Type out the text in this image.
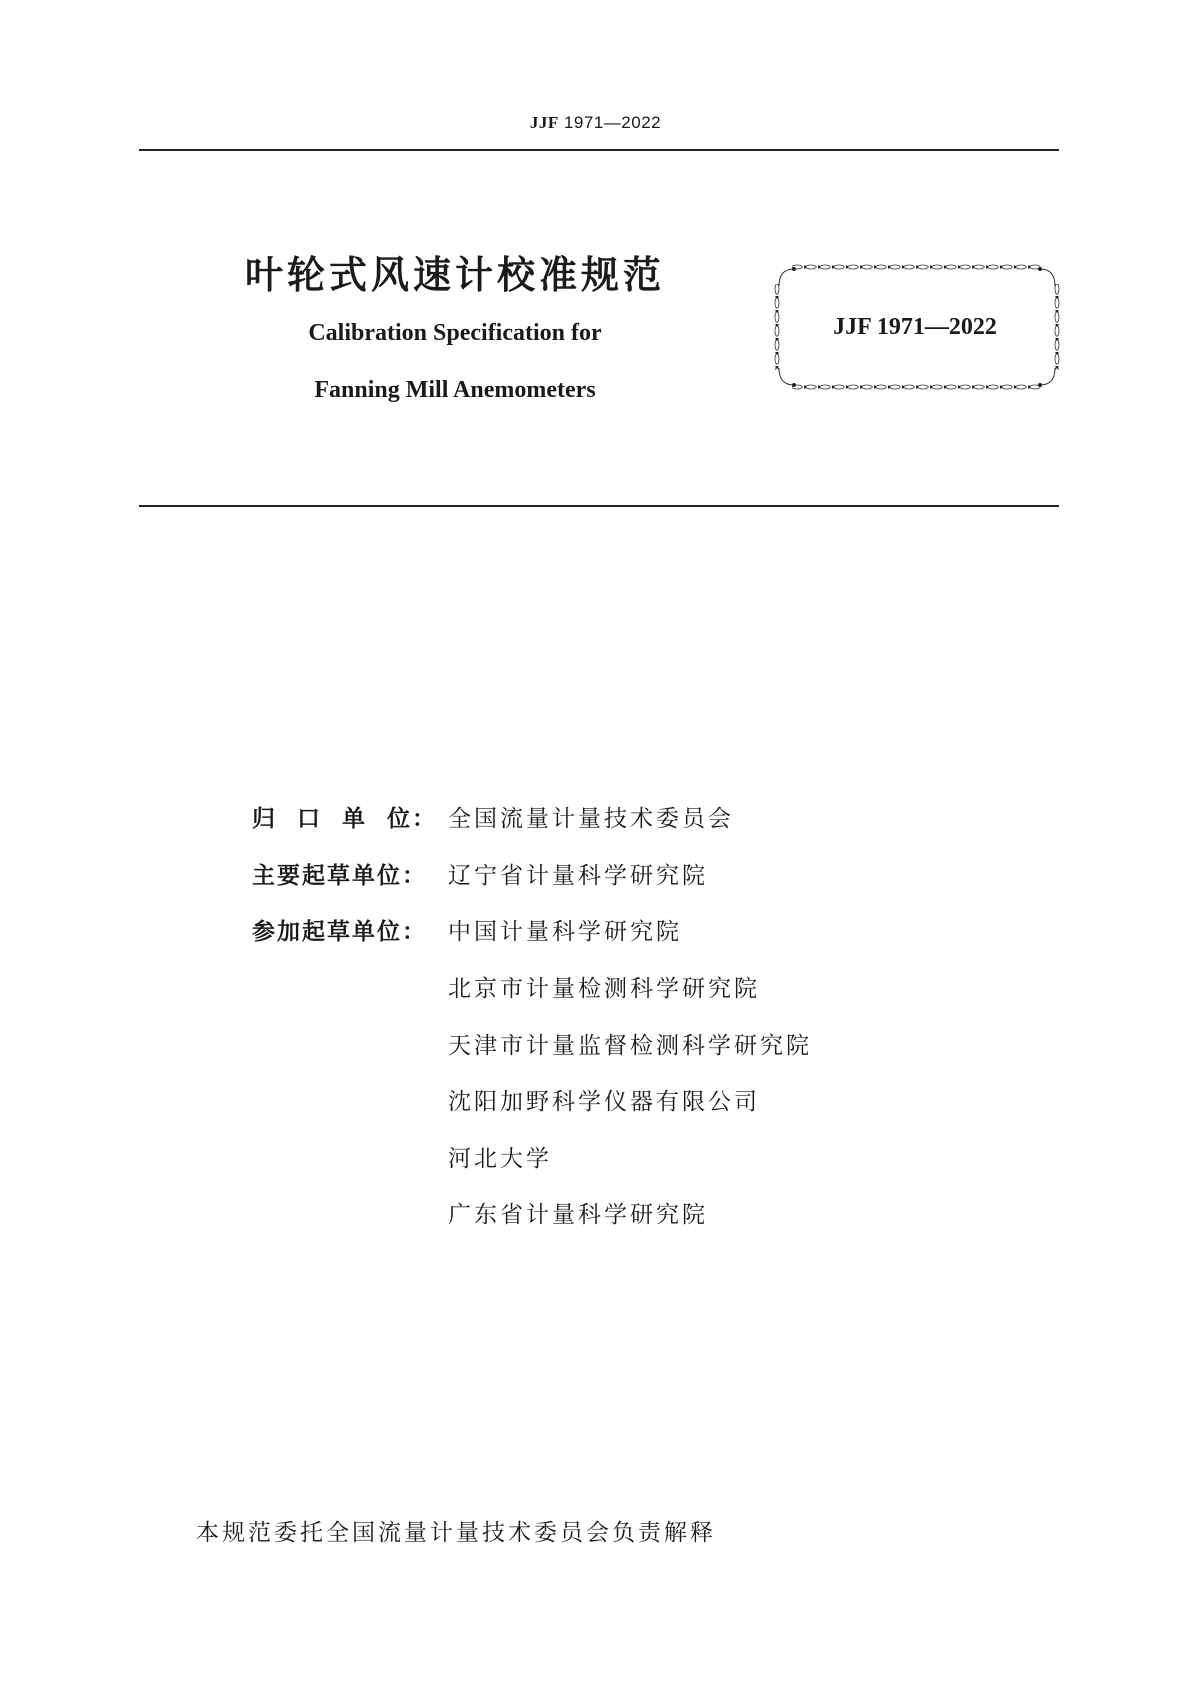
JJF 1971—2022
叶轮式风速计校准规范
Calibration Specification for
Fanning Mill Anemometers
JJF 1971—2022
归  口  单  位： 全国流量计量技术委员会
主要起草单位： 辽宁省计量科学研究院
参加起草单位： 中国计量科学研究院
北京市计量检测科学研究院
天津市计量监督检测科学研究院
沈阳加野科学仪器有限公司
河北大学
广东省计量科学研究院
本规范委托全国流量计量技术委员会负责解释
